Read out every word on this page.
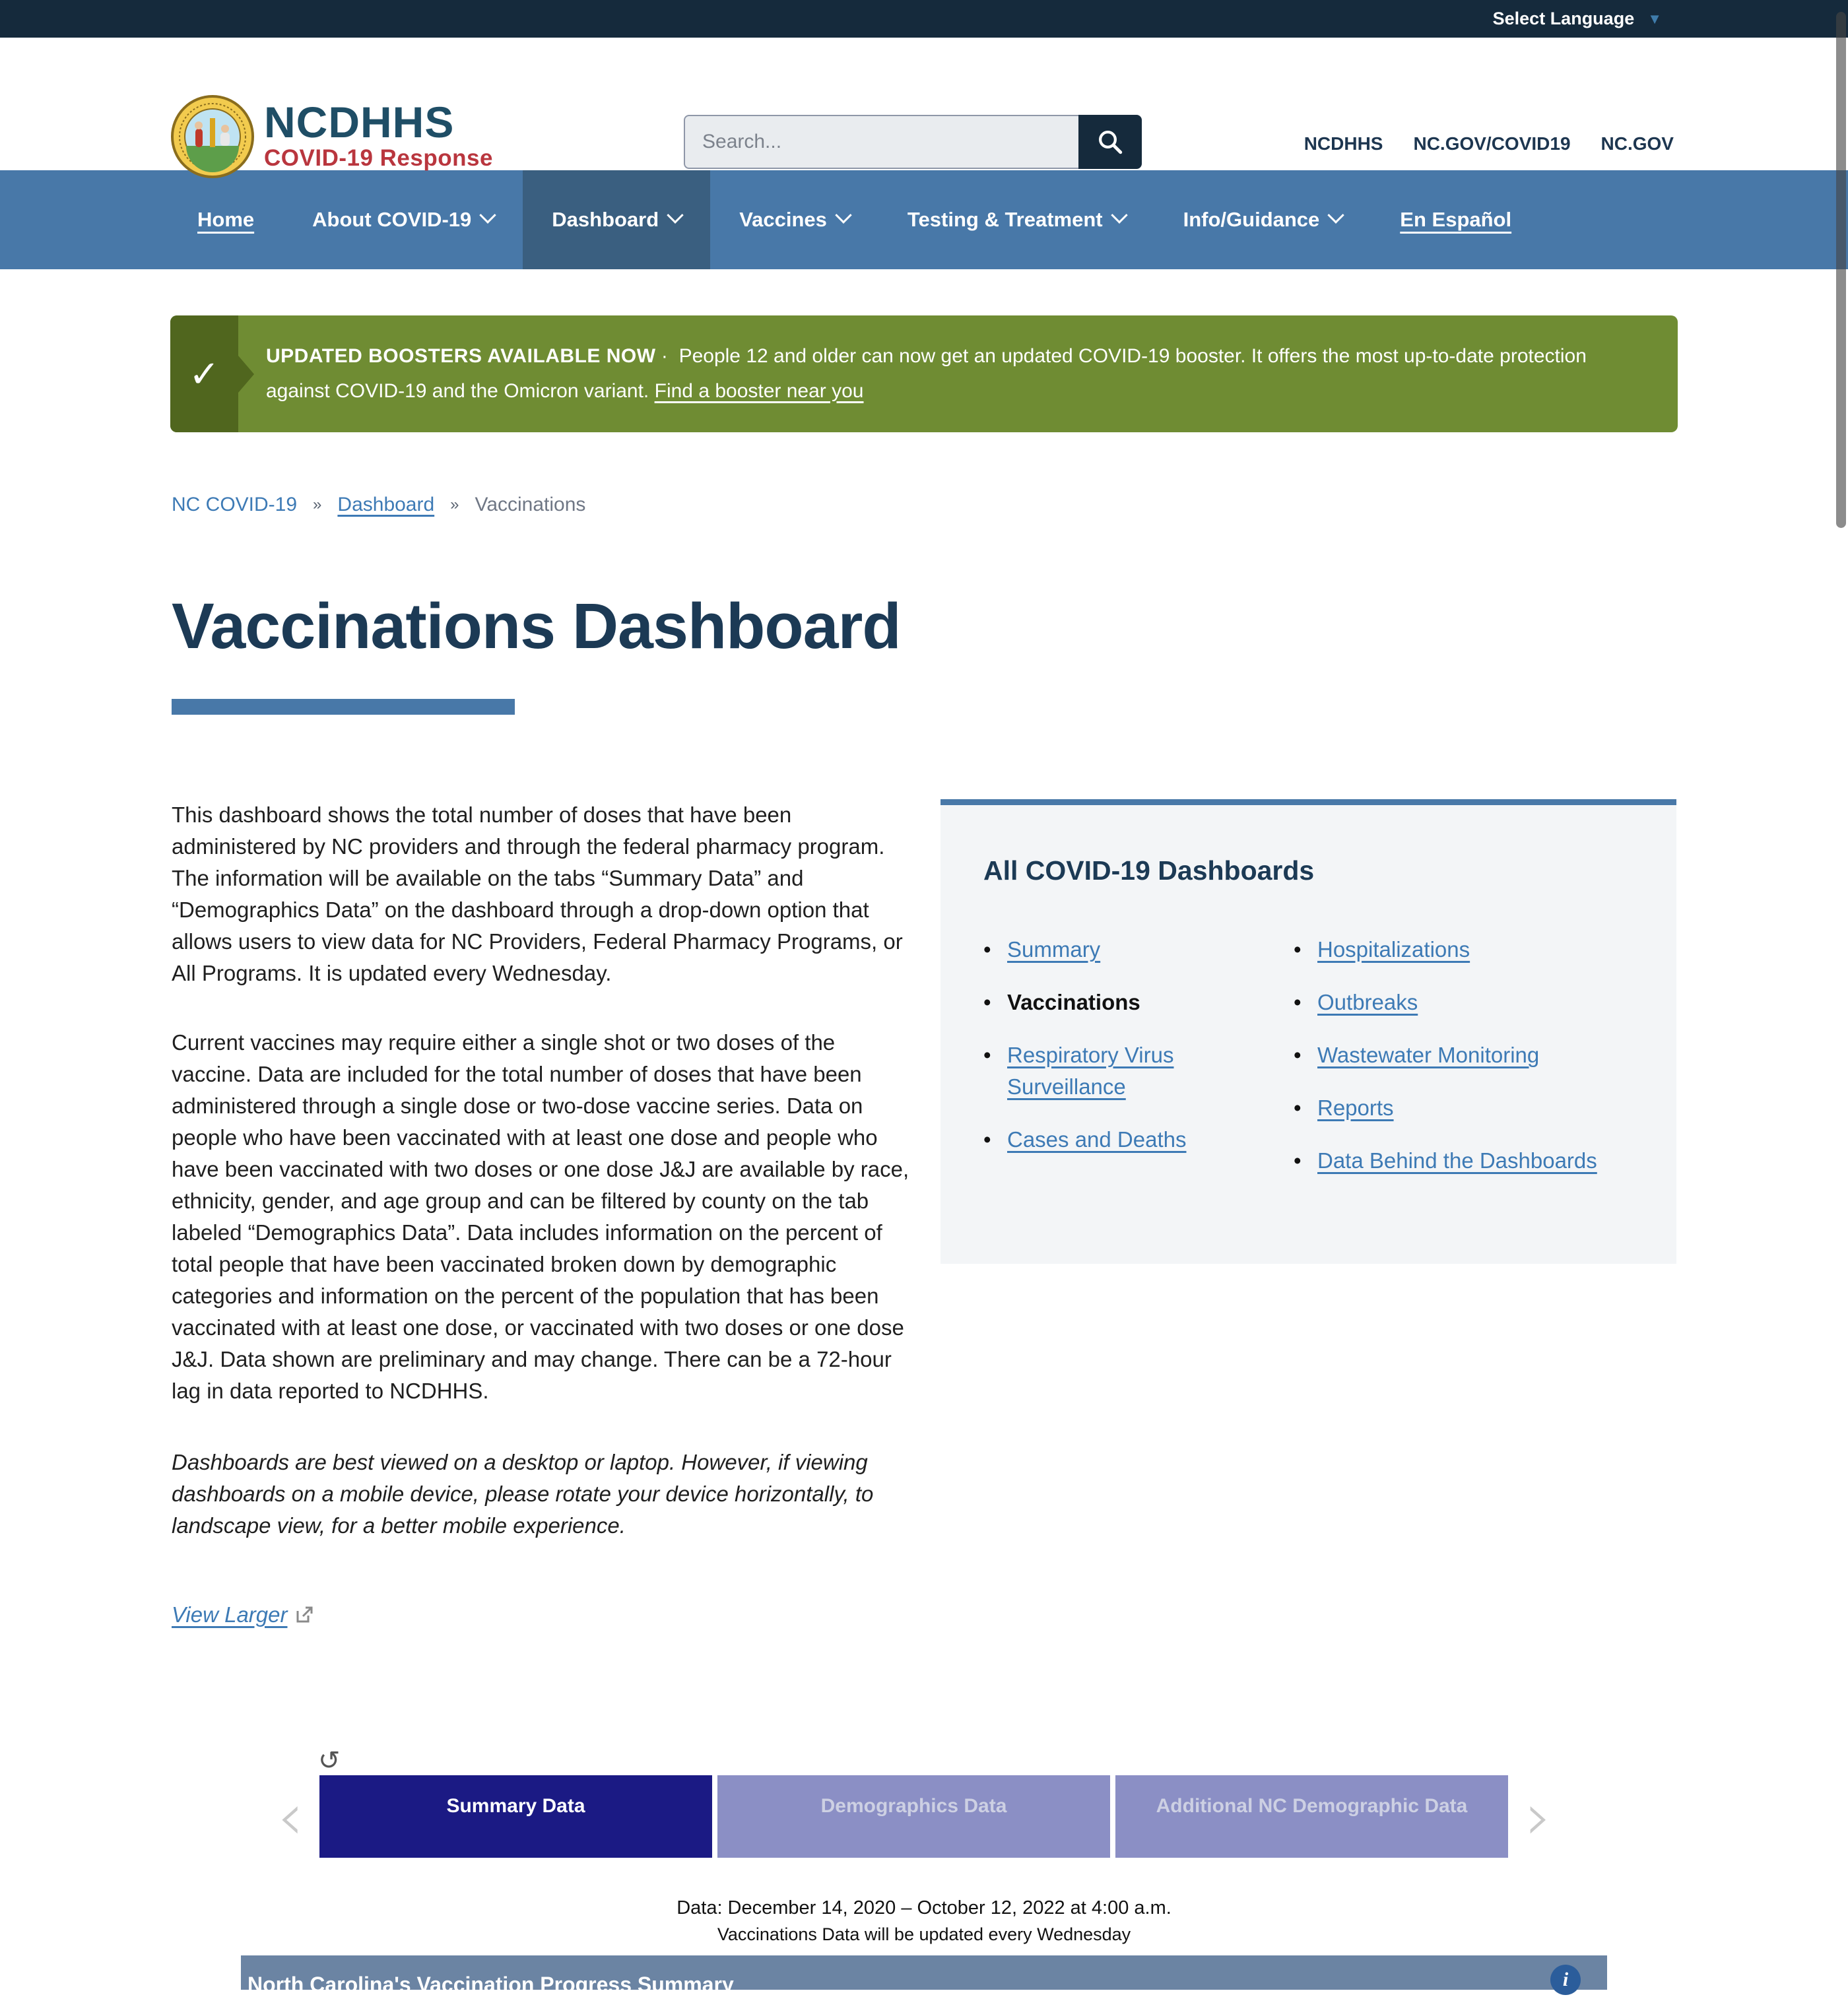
Select Language ▼
NCDHHS
COVID-19 Response
Search...
NCDHHS NC.GOV/COVID19 NC.GOV
Home	About COVID-19	Dashboard	Vaccines	Testing & Treatment	Info/Guidance	En Español
✓	UPDATED BOOSTERS AVAILABLE NOW · People 12 and older can now get an updated COVID-19 booster. It offers the most up-to-date protection against COVID-19 and the Omicron variant. Find a booster near you
NC COVID-19 » Dashboard » Vaccinations
Vaccinations Dashboard

This dashboard shows the total number of doses that have been administered by NC providers and through the federal pharmacy program. The information will be available on the tabs “Summary Data” and “Demographics Data” on the dashboard through a drop-down option that allows users to view data for NC Providers, Federal Pharmacy Programs, or All Programs. It is updated every Wednesday.

Current vaccines may require either a single shot or two doses of the vaccine. Data are included for the total number of doses that have been administered through a single dose or two-dose vaccine series. Data on people who have been vaccinated with at least one dose and people who have been vaccinated with two doses or one dose J&J are available by race, ethnicity, gender, and age group and can be filtered by county on the tab labeled “Demographics Data”. Data includes information on the percent of total people that have been vaccinated broken down by demographic categories and information on the percent of the population that has been vaccinated with at least one dose, or vaccinated with two doses or one dose J&J. Data shown are preliminary and may change. There can be a 72-hour lag in data reported to NCDHHS.

Dashboards are best viewed on a desktop or laptop. However, if viewing dashboards on a mobile device, please rotate your device horizontally, to landscape view, for a better mobile experience.

View Larger
All COVID-19 Dashboards
• Summary
• Vaccinations
• Respiratory Virus Surveillance
• Cases and Deaths
• Hospitalizations
• Outbreaks
• Wastewater Monitoring
• Reports
• Data Behind the Dashboards
↺
‹	Summary Data	Demographics Data	Additional NC Demographic Data ›
Data: December 14, 2020 – October 12, 2022 at 4:00 a.m.
Vaccinations Data will be updated every Wednesday
North Carolina's Vaccination Progress Summary	i
